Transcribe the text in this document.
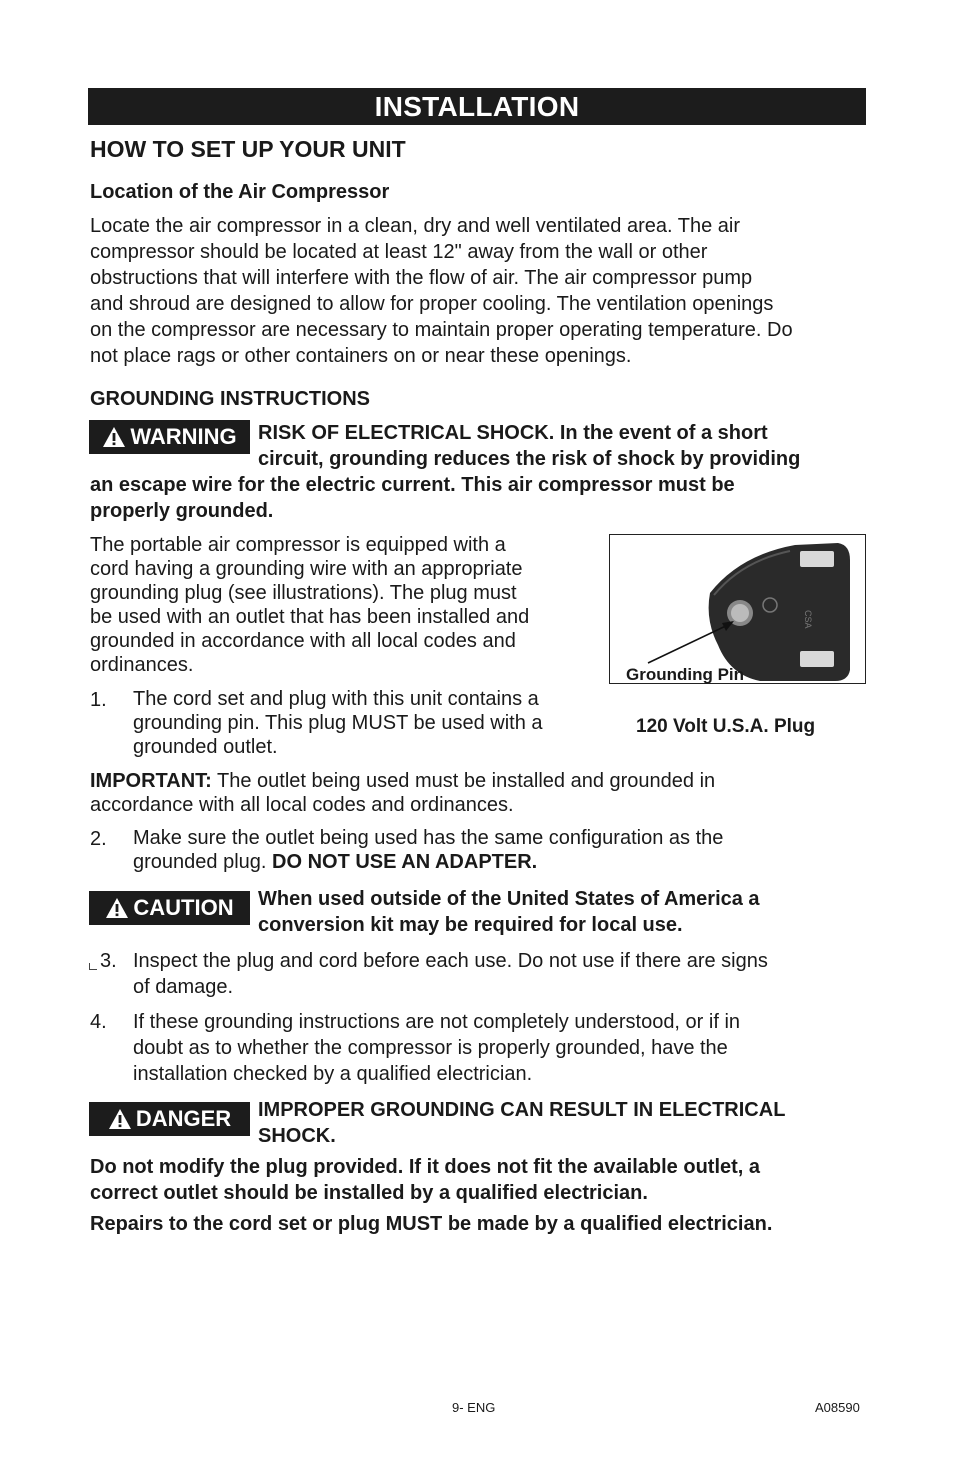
INSTALLATION
HOW TO SET UP YOUR UNIT
Location of the Air Compressor
Locate the air compressor in a clean, dry and well ventilated area. The air
compressor should be located at least 12" away from the wall or other
obstructions that will interfere with the flow of air. The air compressor pump
and shroud are designed to allow for proper cooling. The ventilation openings
on the compressor are necessary to maintain proper operating temperature. Do
not place rags or other containers on or near these openings.
GROUNDING INSTRUCTIONS
WARNING RISK OF ELECTRICAL SHOCK. In the event of a short
circuit, grounding reduces the risk of shock by providing
an escape wire for the electric current. This air compressor must be
properly grounded.
The portable air compressor is equipped with a
cord having a grounding wire with an appropriate
grounding plug (see illustrations). The plug must
be used with an outlet that has been installed and
grounded in accordance with all local codes and
ordinances.
CSA
Grounding Pin
120 Volt U.S.A. Plug
1. The cord set and plug with this unit contains a
grounding pin. This plug MUST be used with a
grounded outlet.
IMPORTANT: The outlet being used must be installed and grounded in
accordance with all local codes and ordinances.
2. Make sure the outlet being used has the same configuration as the
grounded plug. DO NOT USE AN ADAPTER.
CAUTION When used outside of the United States of America a
conversion kit may be required for local use.
3. Inspect the plug and cord before each use. Do not use if there are signs
of damage.
4. If these grounding instructions are not completely understood, or if in
doubt as to whether the compressor is properly grounded, have the
installation checked by a qualified electrician.
DANGER IMPROPER GROUNDING CAN RESULT IN ELECTRICAL
SHOCK.
Do not modify the plug provided. If it does not fit the available outlet, a
correct outlet should be installed by a qualified electrician.
Repairs to the cord set or plug MUST be made by a qualified electrician.
9- ENG	A08590
